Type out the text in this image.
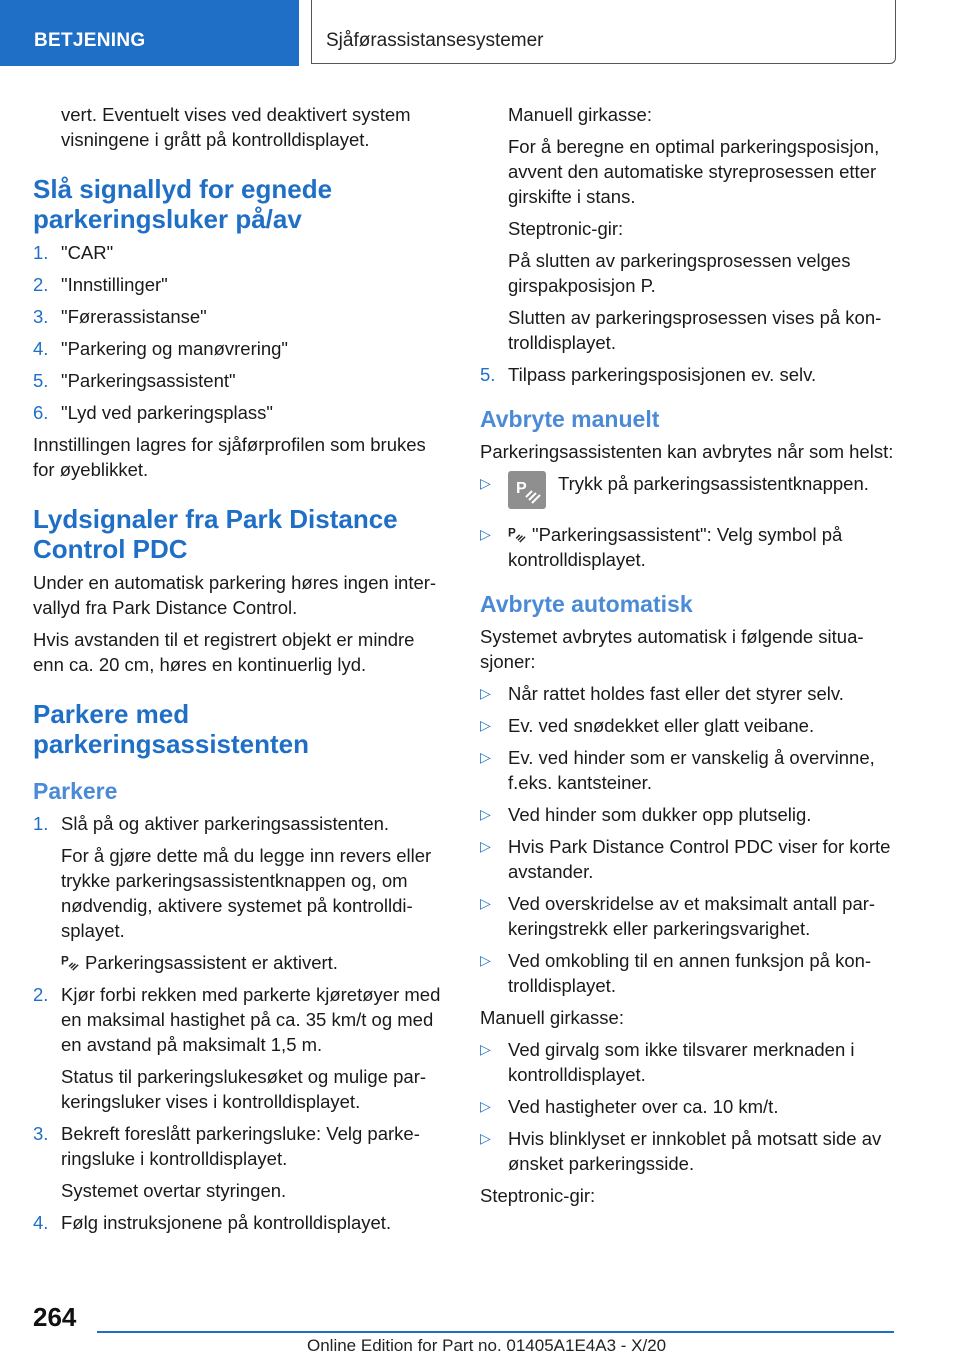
BETJENING	Sjåførassistansesystemer

vert. Eventuelt vises ved deaktivert system visningene i grått på kontrolldisplayet.

Slå signallyd for egnede parkeringsluker på/av
1. "CAR"
2. "Innstillinger"
3. "Førerassistanse"
4. "Parkering og manøvrering"
5. "Parkeringsassistent"
6. "Lyd ved parkeringsplass"

Innstillingen lagres for sjåførprofilen som brukes for øyeblikket.

Lydsignaler fra Park Distance Control PDC

Under en automatisk parkering høres ingen inter‐ vallyd fra Park Distance Control.

Hvis avstanden til et registrert objekt er mindre enn ca. 20 cm, høres en kontinuerlig lyd.

Parkere med parkeringsassistenten
Parkere
1. Slå på og aktiver parkeringsassistenten.

For å gjøre dette må du legge inn revers eller trykke parkeringsassistentknappen og, om nødvendig, aktivere systemet på kontrolldi‐ splayet.

P Parkeringsassistent er aktivert.

2. Kjør forbi rekken med parkerte kjøretøyer med en maksimal hastighet på ca. 35 km/t og med en avstand på maksimalt 1,5 m.

Status til parkeringslukesøket og mulige par‐ keringsluker vises i kontrolldisplayet.

3. Bekreft foreslått parkeringsluke: Velg parke‐ ringsluke i kontrolldisplayet.

Systemet overtar styringen.

4. Følg instruksjonene på kontrolldisplayet.

Manuell girkasse:

For å beregne en optimal parkeringsposisjon, avvent den automatiske styreprosessen etter girskifte i stans.

Steptronic-gir:

På slutten av parkeringsprosessen velges girspakposisjon P.

Slutten av parkeringsprosessen vises på kon‐ trolldisplayet.

5. Tilpass parkeringsposisjonen ev. selv.
Avbryte manuelt

Parkeringsassistenten kan avbrytes når som helst:

▷ P Trykk på parkeringsassistentknappen.
▷ P "Parkeringsassistent": Velg symbol på kontrolldisplayet.
Avbryte automatisk

Systemet avbrytes automatisk i følgende situa‐ sjoner:

▷ Når rattet holdes fast eller det styrer selv.
▷ Ev. ved snødekket eller glatt veibane.
▷ Ev. ved hinder som er vanskelig å overvinne, f.eks. kantsteiner.
▷ Ved hinder som dukker opp plutselig.
▷ Hvis Park Distance Control PDC viser for korte avstander.
▷ Ved overskridelse av et maksimalt antall par‐ keringstrekk eller parkeringsvarighet.
▷ Ved omkobling til en annen funksjon på kon‐ trolldisplayet.

Manuell girkasse:

▷ Ved girvalg som ikke tilsvarer merknaden i kontrolldisplayet.
▷ Ved hastigheter over ca. 10 km/t.
▷ Hvis blinklyset er innkoblet på motsatt side av ønsket parkeringsside.

Steptronic-gir:

264
Online Edition for Part no. 01405A1E4A3 - X/20
